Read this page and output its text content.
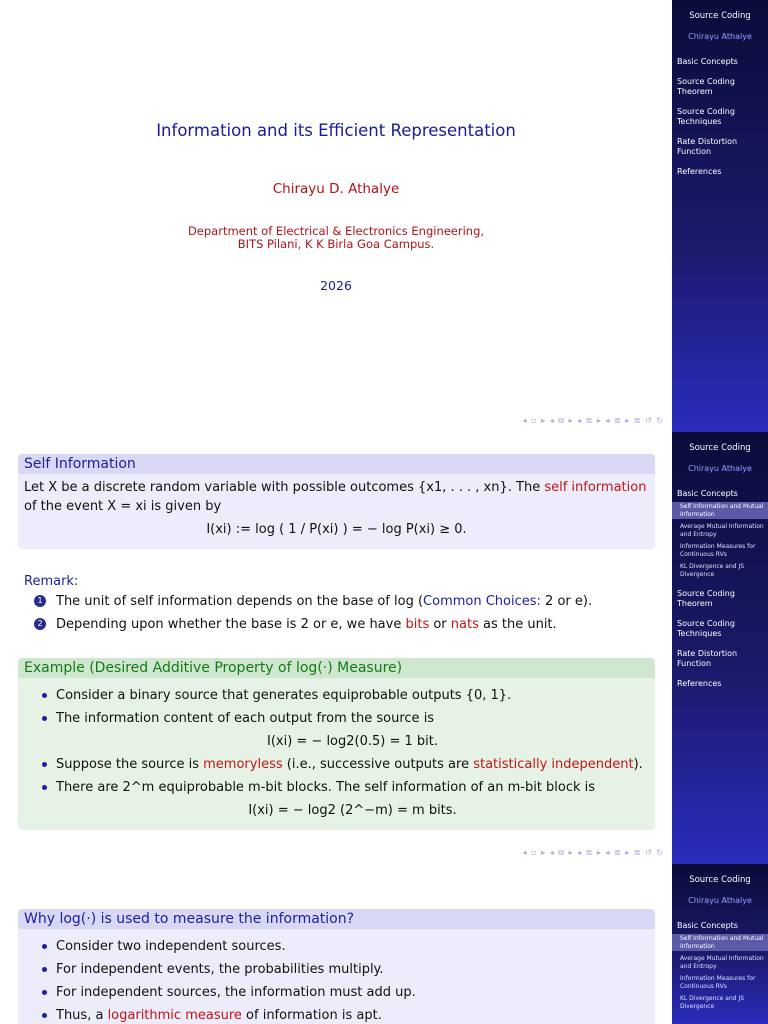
Information and its Efficient Representation
Chirayu D. Athalye
Department of Electrical & Electronics Engineering,
BITS Pilani, K K Birla Goa Campus.
2026
◂ ▫ ▸ ◂ ⧉ ▸ ◂ ≣ ▸ ◂ ≣ ▸ ≣ ↺ ↻
Source Coding
Chirayu Athalye
Basic Concepts
Source Coding Theorem
Source Coding Techniques
Rate Distortion Function
References
Self Information
Let X be a discrete random variable with possible outcomes {x1, . . . , xn}. The self information of the event X = xi is given by
I(xi) := log ( 1 / P(xi) ) = − log P(xi) ≥ 0.
Remark:
1 The unit of self information depends on the base of log (Common Choices: 2 or e).
2 Depending upon whether the base is 2 or e, we have bits or nats as the unit.
Example (Desired Additive Property of log(·) Measure)
Consider a binary source that generates equiprobable outputs {0, 1}.
The information content of each output from the source is
I(xi) = − log2(0.5) = 1 bit.
Suppose the source is memoryless (i.e., successive outputs are statistically independent).
There are 2^m equiprobable m-bit blocks. The self information of an m-bit block is
I(xi) = − log2 (2^−m) = m bits.
◂ ▫ ▸ ◂ ⧉ ▸ ◂ ≣ ▸ ◂ ≣ ▸ ≣ ↺ ↻
Source Coding
Chirayu Athalye
Basic Concepts
Self Information and Mutual Information
Average Mutual Information and Entropy
Information Measures for Continuous RVs
KL Divergence and JS Divergence
Source Coding Theorem
Source Coding Techniques
Rate Distortion Function
References
Why log(·) is used to measure the information?
Consider two independent sources.
For independent events, the probabilities multiply.
For independent sources, the information must add up.
Thus, a logarithmic measure of information is apt.
Source Coding
Chirayu Athalye
Basic Concepts
Self Information and Mutual Information
Average Mutual Information and Entropy
Information Measures for Continuous RVs
KL Divergence and JS Divergence
